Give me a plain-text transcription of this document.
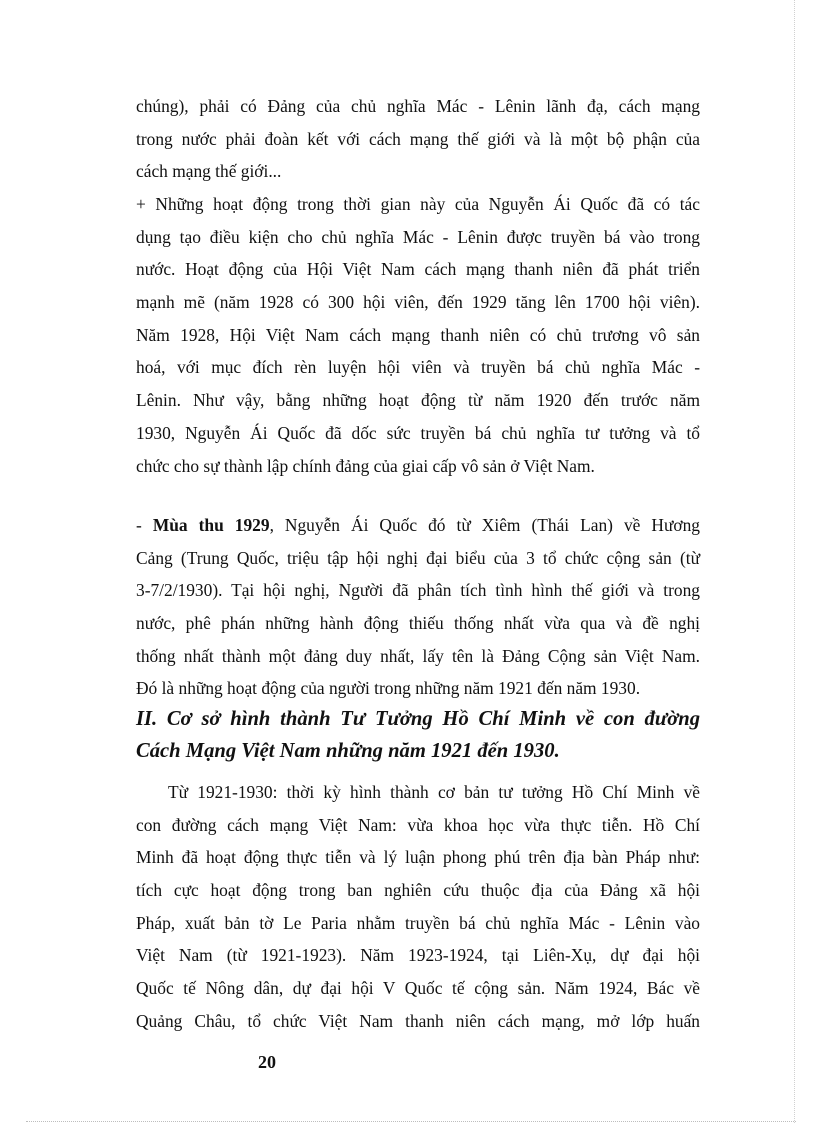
chúng), phải có Đảng của chủ nghĩa Mác - Lênin lãnh đạ, cách mạng
trong nước phải đoàn kết với cách mạng thế giới và là một bộ phận của
cách mạng thế giới...
+ Những hoạt động trong thời gian này của Nguyễn Ái Quốc đã có tác
dụng tạo điều kiện cho chủ nghĩa Mác - Lênin được truyền bá vào trong
nước. Hoạt động của Hội Việt Nam cách mạng thanh niên đã phát triển
mạnh mẽ (năm 1928 có 300 hội viên, đến 1929 tăng lên 1700 hội viên).
Năm 1928, Hội Việt Nam cách mạng thanh niên có chủ trương vô sản
hoá, với mục đích rèn luyện hội viên và truyền bá chủ nghĩa Mác -
Lênin. Như vậy, bằng những hoạt động từ năm 1920 đến trước năm
1930, Nguyễn Ái Quốc đã dốc sức truyền bá chủ nghĩa tư tưởng và tổ
chức cho sự thành lập chính đảng của giai cấp vô sản ở Việt Nam.
- Mùa thu 1929, Nguyễn Ái Quốc đó từ Xiêm (Thái Lan) về Hương
Cảng (Trung Quốc, triệu tập hội nghị đại biểu của 3 tổ chức cộng sản (từ
3-7/2/1930). Tại hội nghị, Người đã phân tích tình hình thế giới và trong
nước, phê phán những hành động thiếu thống nhất vừa qua và đề nghị
thống nhất thành một đảng duy nhất, lấy tên là Đảng Cộng sản Việt Nam.
Đó là những hoạt động của người trong những năm 1921 đến năm 1930.
II. Cơ sở hình thành Tư Tưởng Hồ Chí Minh về con đường
Cách Mạng Việt Nam những năm 1921 đến 1930.
Từ 1921-1930: thời kỳ hình thành cơ bản tư tưởng Hồ Chí Minh về
con đường cách mạng Việt Nam: vừa khoa học vừa thực tiễn. Hồ Chí
Minh đã hoạt động thực tiễn và lý luận phong phú trên địa bàn Pháp như:
tích cực hoạt động trong ban nghiên cứu thuộc địa của Đảng xã hội
Pháp, xuất bản tờ Le Paria nhằm truyền bá chủ nghĩa Mác - Lênin vào
Việt Nam (từ 1921-1923). Năm 1923-1924, tại Liên-Xụ, dự đại hội
Quốc tế Nông dân, dự đại hội V Quốc tế cộng sản. Năm 1924, Bác về
Quảng Châu, tổ chức Việt Nam thanh niên cách mạng, mở lớp huấn
20
